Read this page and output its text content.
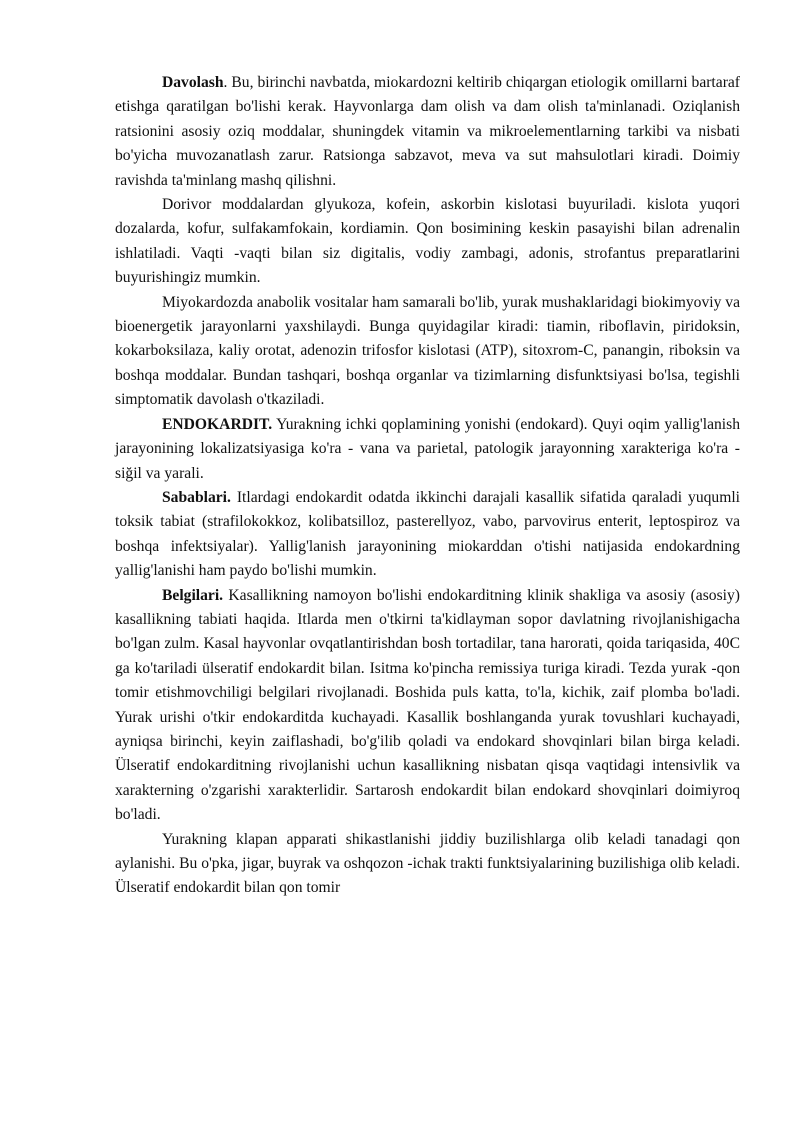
Davolash. Bu, birinchi navbatda, miokardozni keltirib chiqargan etiologik omillarni bartaraf etishga qaratilgan bo'lishi kerak. Hayvonlarga dam olish va dam olish ta'minlanadi. Oziqlanish ratsionini asosiy oziq moddalar, shuningdek vitamin va mikroelementlarning tarkibi va nisbati bo'yicha muvozanatlash zarur. Ratsionga sabzavot, meva va sut mahsulotlari kiradi. Doimiy ravishda ta'minlang mashq qilishni.

Dorivor moddalardan glyukoza, kofein, askorbin kislotasi buyuriladi. kislota yuqori dozalarda, kofur, sulfakamfokain, kordiamin. Qon bosimining keskin pasayishi bilan adrenalin ishlatiladi. Vaqti -vaqti bilan siz digitalis, vodiy zambagi, adonis, strofantus preparatlarini buyurishingiz mumkin.

Miyokardozda anabolik vositalar ham samarali bo'lib, yurak mushaklaridagi biokimyoviy va bioenergetik jarayonlarni yaxshilaydi. Bunga quyidagilar kiradi: tiamin, riboflavin, piridoksin, kokarboksilaza, kaliy orotat, adenozin trifosfor kislotasi (ATP), sitoxrom-C, panangin, riboksin va boshqa moddalar. Bundan tashqari, boshqa organlar va tizimlarning disfunktsiyasi bo'lsa, tegishli simptomatik davolash o'tkaziladi.

ENDOKARDIT. Yurakning ichki qoplamining yonishi (endokard). Quyi oqim yallig'lanish jarayonining lokalizatsiyasiga ko'ra - vana va parietal, patologik jarayonning xarakteriga ko'ra - siğil va yarali.

Sabablari. Itlardagi endokardit odatda ikkinchi darajali kasallik sifatida qaraladi yuqumli toksik tabiat (strafilokokkoz, kolibatsilloz, pasterellyoz, vabo, parvovirus enterit, leptospiroz va boshqa infektsiyalar). Yallig'lanish jarayonining miokarddan o'tishi natijasida endokardning yallig'lanishi ham paydo bo'lishi mumkin.

Belgilari. Kasallikning namoyon bo'lishi endokarditning klinik shakliga va asosiy (asosiy) kasallikning tabiati haqida. Itlarda men o'tkirni ta'kidlayman sopor davlatning rivojlanishigacha bo'lgan zulm. Kasal hayvonlar ovqatlantirishdan bosh tortadilar, tana harorati, qoida tariqasida, 40C ga ko'tariladi ülseratif endokardit bilan. Isitma ko'pincha remissiya turiga kiradi. Tezda yurak -qon tomir etishmovchiligi belgilari rivojlanadi. Boshida puls katta, to'la, kichik, zaif plomba bo'ladi. Yurak urishi o'tkir endokarditda kuchayadi. Kasallik boshlanganda yurak tovushlari kuchayadi, ayniqsa birinchi, keyin zaiflashadi, bo'g'ilib qoladi va endokard shovqinlari bilan birga keladi. Ülseratif endokarditning rivojlanishi uchun kasallikning nisbatan qisqa vaqtidagi intensivlik va xarakterning o'zgarishi xarakterlidir. Sartarosh endokardit bilan endokard shovqinlari doimiyroq bo'ladi.

Yurakning klapan apparati shikastlanishi jiddiy buzilishlarga olib keladi tanadagi qon aylanishi. Bu o'pka, jigar, buyrak va oshqozon -ichak trakti funktsiyalarining buzilishiga olib keladi. Ülseratif endokardit bilan qon tomir
